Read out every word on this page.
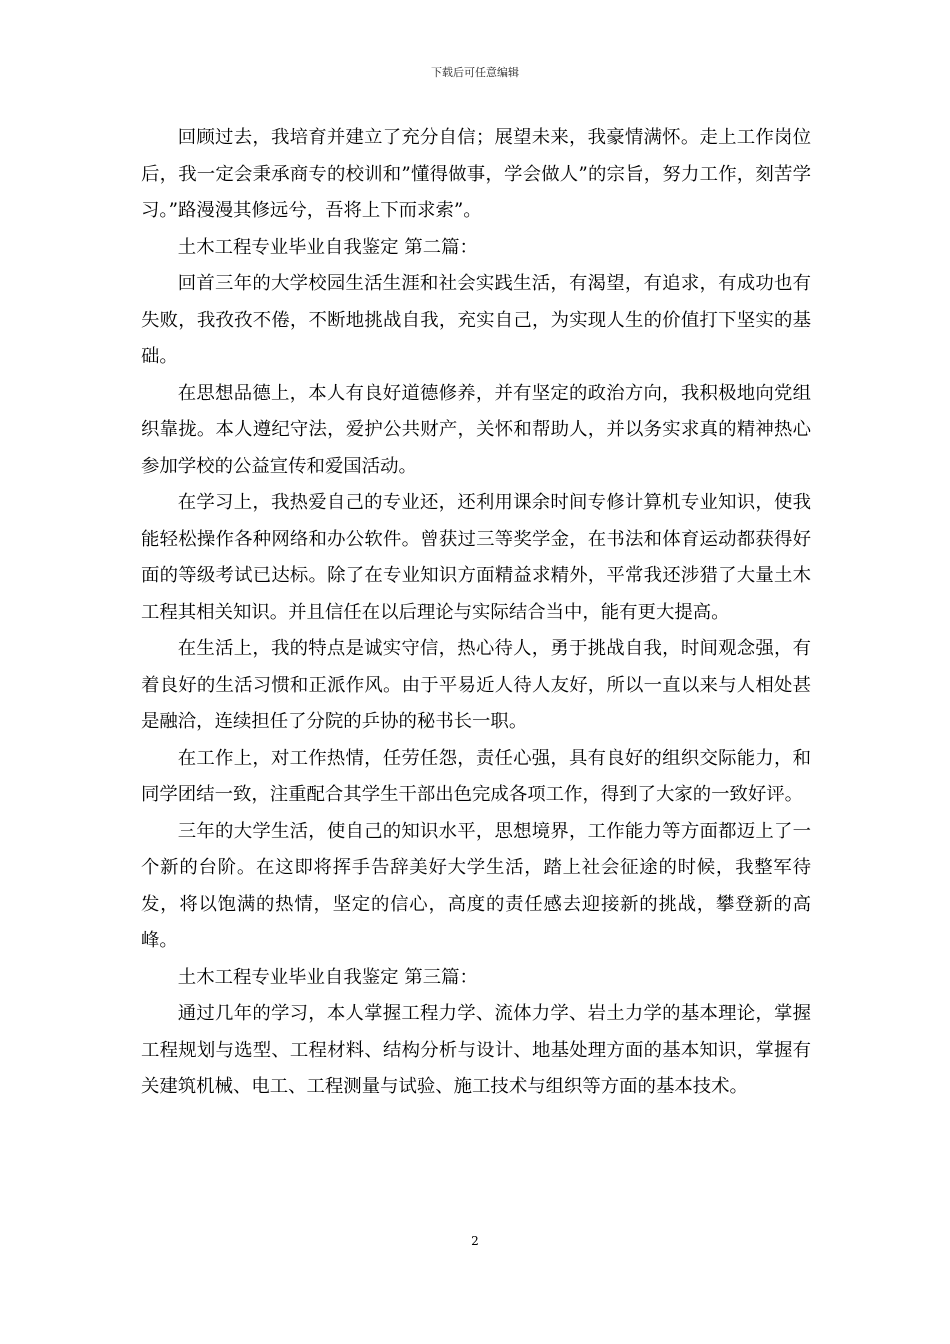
下载后可任意编辑

回顾过去，我培育并建立了充分自信；展望未来，我豪情满怀。走上工作岗位后，我一定会秉承商专的校训和”懂得做事，学会做人”的宗旨，努力工作，刻苦学习。”路漫漫其修远兮，吾将上下而求索”。

土木工程专业毕业自我鉴定 第二篇：

回首三年的大学校园生活生涯和社会实践生活，有渴望，有追求，有成功也有失败，我孜孜不倦，不断地挑战自我，充实自己，为实现人生的价值打下坚实的基础。

在思想品德上，本人有良好道德修养，并有坚定的政治方向，我积极地向党组织靠拢。本人遵纪守法，爱护公共财产，关怀和帮助人，并以务实求真的精神热心参加学校的公益宣传和爱国活动。

在学习上，我热爱自己的专业还，还利用课余时间专修计算机专业知识，使我能轻松操作各种网络和办公软件。曾获过三等奖学金，在书法和体育运动都获得好面的等级考试已达标。除了在专业知识方面精益求精外，平常我还涉猎了大量土木工程其相关知识。并且信任在以后理论与实际结合当中，能有更大提高。

在生活上，我的特点是诚实守信，热心待人，勇于挑战自我，时间观念强，有着良好的生活习惯和正派作风。由于平易近人待人友好，所以一直以来与人相处甚是融洽，连续担任了分院的乒协的秘书长一职。

在工作上，对工作热情，任劳任怨，责任心强，具有良好的组织交际能力，和同学团结一致，注重配合其学生干部出色完成各项工作，得到了大家的一致好评。

三年的大学生活，使自己的知识水平，思想境界，工作能力等方面都迈上了一个新的台阶。在这即将挥手告辞美好大学生活，踏上社会征途的时候，我整军待发，将以饱满的热情，坚定的信心，高度的责任感去迎接新的挑战，攀登新的高峰。

土木工程专业毕业自我鉴定 第三篇：

通过几年的学习，本人掌握工程力学、流体力学、岩土力学的基本理论，掌握工程规划与选型、工程材料、结构分析与设计、地基处理方面的基本知识，掌握有关建筑机械、电工、工程测量与试验、施工技术与组织等方面的基本技术。

2
